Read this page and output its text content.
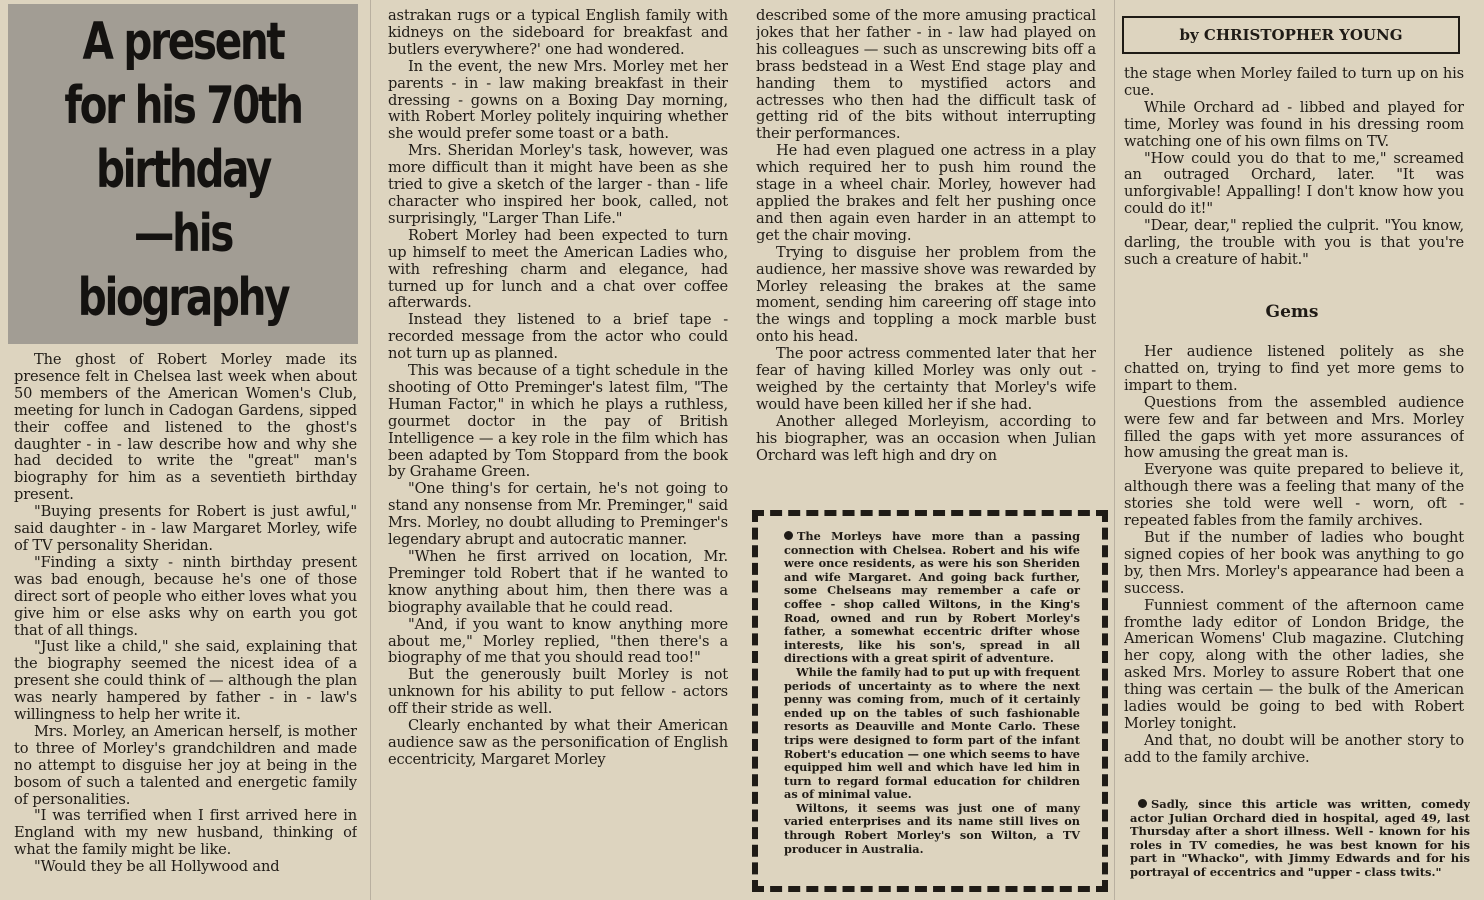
A present
for his 70th
birthday
—his
biography

The ghost of Robert Morley made its presence felt in Chelsea last week when about 50 members of the American Women's Club, meeting for lunch in Cadogan Gardens, sipped their coffee and listened to the ghost's daughter - in - law describe how and why she had decided to write the "great" man's biography for him as a seventieth birthday present.

"Buying presents for Robert is just awful," said daughter - in - law Margaret Morley, wife of TV personality Sheridan.

"Finding a sixty - ninth birthday present was bad enough, because he's one of those direct sort of people who either loves what you give him or else asks why on earth you got that of all things.

"Just like a child," she said, explaining that the biography seemed the nicest idea of a present she could think of — although the plan was nearly hampered by father - in - law's willingness to help her write it.

Mrs. Morley, an American herself, is mother to three of Morley's grandchildren and made no attempt to disguise her joy at being in the bosom of such a talented and energetic family of personalities.

"I was terrified when I first arrived here in England with my new husband, thinking of what the family might be like.

"Would they be all Hollywood and

astrakan rugs or a typical English family with kidneys on the sideboard for breakfast and butlers everywhere?' one had wondered.

In the event, the new Mrs. Morley met her parents - in - law making breakfast in their dressing - gowns on a Boxing Day morning, with Robert Morley politely inquiring whether she would prefer some toast or a bath.

Mrs. Sheridan Morley's task, however, was more difficult than it might have been as she tried to give a sketch of the larger - than - life character who inspired her book, called, not surprisingly, "Larger Than Life."

Robert Morley had been expected to turn up himself to meet the American Ladies who, with refreshing charm and elegance, had turned up for lunch and a chat over coffee afterwards.

Instead they listened to a brief tape - recorded message from the actor who could not turn up as planned.

This was because of a tight schedule in the shooting of Otto Preminger's latest film, "The Human Factor," in which he plays a ruthless, gourmet doctor in the pay of British Intelligence — a key role in the film which has been adapted by Tom Stoppard from the book by Grahame Green.

"One thing's for certain, he's not going to stand any nonsense from Mr. Preminger," said Mrs. Morley, no doubt alluding to Preminger's legendary abrupt and autocratic manner.

"When he first arrived on location, Mr. Preminger told Robert that if he wanted to know anything about him, then there was a biography available that he could read.

"And, if you want to know anything more about me," Morley replied, "then there's a biography of me that you should read too!"

But the generously built Morley is not unknown for his ability to put fellow - actors off their stride as well.

Clearly enchanted by what their American audience saw as the personification of English eccentricity, Margaret Morley

described some of the more amusing practical jokes that her father - in - law had played on his colleagues — such as unscrewing bits off a brass bedstead in a West End stage play and handing them to mystified actors and actresses who then had the difficult task of getting rid of the bits without interrupting their performances.

He had even plagued one actress in a play which required her to push him round the stage in a wheel chair. Morley, however had applied the brakes and felt her pushing once and then again even harder in an attempt to get the chair moving.

Trying to disguise her problem from the audience, her massive shove was rewarded by Morley releasing the brakes at the same moment, sending him careering off stage into the wings and toppling a mock marble bust onto his head.

The poor actress commented later that her fear of having killed Morley was only out - weighed by the certainty that Morley's wife would have been killed her if she had.

Another alleged Morleyism, according to his biographer, was an occasion when Julian Orchard was left high and dry on

The Morleys have more than a passing connection with Chelsea. Robert and his wife were once residents, as were his son Sheriden and wife Margaret. And going back further, some Chelseans may remember a cafe or coffee - shop called Wiltons, in the King's Road, owned and run by Robert Morley's father, a somewhat eccentric drifter whose interests, like his son's, spread in all directions with a great spirit of adventure.

While the family had to put up with frequent periods of uncertainty as to where the next penny was coming from, much of it certainly ended up on the tables of such fashionable resorts as Deauville and Monte Carlo. These trips were designed to form part of the infant Robert's education — one which seems to have equipped him well and which have led him in turn to regard formal education for children as of minimal value.

Wiltons, it seems was just one of many varied enterprises and its name still lives on through Robert Morley's son Wilton, a TV producer in Australia.

by CHRISTOPHER YOUNG

the stage when Morley failed to turn up on his cue.

While Orchard ad - libbed and played for time, Morley was found in his dressing room watching one of his own films on TV.

"How could you do that to me," screamed an outraged Orchard, later. "It was unforgivable! Appalling! I don't know how you could do it!"

"Dear, dear," replied the culprit. "You know, darling, the trouble with you is that you're such a creature of habit."

Gems

Her audience listened politely as she chatted on, trying to find yet more gems to impart to them.

Questions from the assembled audience were few and far between and Mrs. Morley filled the gaps with yet more assurances of how amusing the great man is.

Everyone was quite prepared to believe it, although there was a feeling that many of the stories she told were well - worn, oft - repeated fables from the family archives.

But if the number of ladies who bought signed copies of her book was anything to go by, then Mrs. Morley's appearance had been a success.

Funniest comment of the afternoon came fromthe lady editor of London Bridge, the American Womens' Club magazine. Clutching her copy, along with the other ladies, she asked Mrs. Morley to assure Robert that one thing was certain — the bulk of the American ladies would be going to bed with Robert Morley tonight.

And that, no doubt will be another story to add to the family archive.

Sadly, since this article was written, comedy actor Julian Orchard died in hospital, aged 49, last Thursday after a short illness. Well - known for his roles in TV comedies, he was best known for his part in "Whacko", with Jimmy Edwards and for his portrayal of eccentrics and "upper - class twits."
